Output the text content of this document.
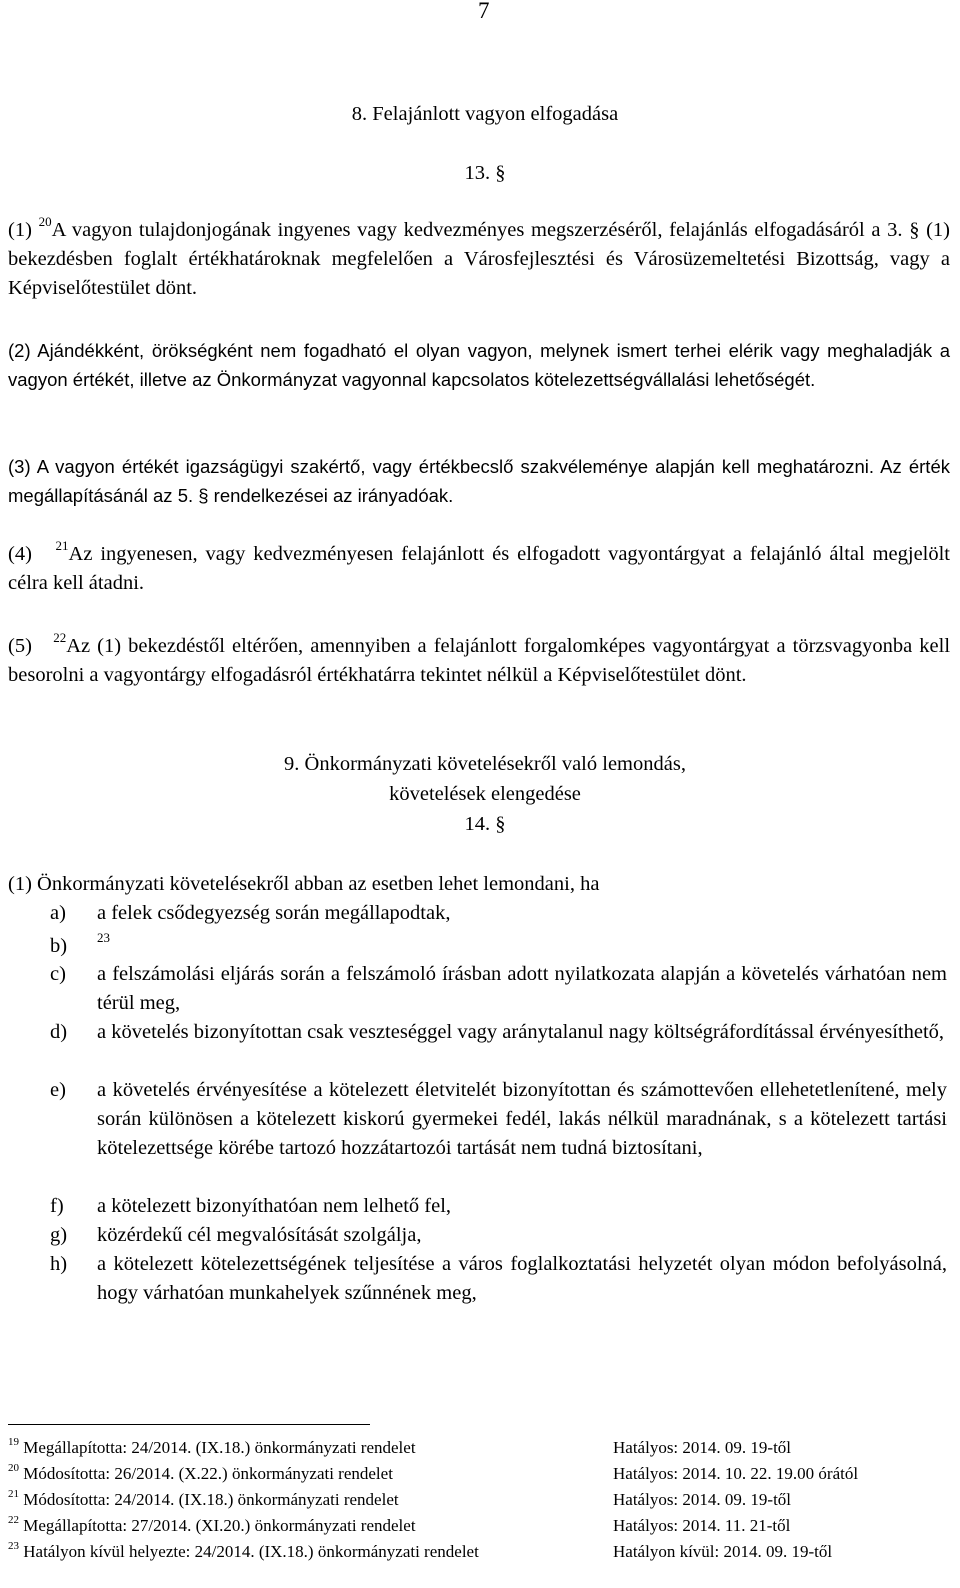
7
8. Felajánlott vagyon elfogadása
13. §
(1) $^{20}$A vagyon tulajdonjogának ingyenes vagy kedvezményes megszerzéséről, felajánlás elfogadásáról a 3. § (1) bekezdésben foglalt értékhatároknak megfelelően a Városfejlesztési és Városüzemeltetési Bizottság, vagy a Képviselőtestület dönt.
(2) Ajándékként, örökségként nem fogadható el olyan vagyon, melynek ismert terhei elérik vagy meghaladják a vagyon értékét, illetve az Önkormányzat vagyonnal kapcsolatos kötelezettségvállalási lehetőségét.
(3) A vagyon értékét igazságügyi szakértő, vagy értékbecslő szakvéleménye alapján kell meghatározni. Az érték megállapításánál az 5. § rendelkezései az irányadóak.
(4) $^{21}$Az ingyenesen, vagy kedvezményesen felajánlott és elfogadott vagyontárgyat a felajánló által megjelölt célra kell átadni.
(5) $^{22}$Az (1) bekezdéstől eltérően, amennyiben a felajánlott forgalomképes vagyontárgyat a törzsvagyonba kell besorolni a vagyontárgy elfogadásról értékhatárra tekintet nélkül a Képviselőtestület dönt.
9. Önkormányzati követelésekről való lemondás,
követelések elengedése
14. §
(1) Önkormányzati követelésekről abban az esetben lehet lemondani, ha
a) a felek csődegyezség során megállapodtak,
b) $^{23}$
c) a felszámolási eljárás során a felszámoló írásban adott nyilatkozata alapján a követelés várhatóan nem térül meg,
d) a követelés bizonyítottan csak veszteséggel vagy aránytalanul nagy költségráfordítással érvényesíthető,
e) a követelés érvényesítése a kötelezett életvitelét bizonyítottan és számottevően ellehetetlenítené, mely során különösen a kötelezett kiskorú gyermekei fedél, lakás nélkül maradnának, s a kötelezett tartási kötelezettsége körébe tartozó hozzátartozói tartását nem tudná biztosítani,
f) a kötelezett bizonyíthatóan nem lelhető fel,
g) közérdekű cél megvalósítását szolgálja,
h) a kötelezett kötelezettségének teljesítése a város foglalkoztatási helyzetét olyan módon befolyásolná, hogy várhatóan munkahelyek szűnnének meg,
$^{19}$ Megállapította: 24/2014. (IX.18.) önkormányzati rendelet	Hatályos: 2014. 09. 19-től
$^{20}$ Módosította: 26/2014. (X.22.) önkormányzati rendelet	Hatályos: 2014. 10. 22. 19.00 órától
$^{21}$ Módosította: 24/2014. (IX.18.) önkormányzati rendelet	Hatályos: 2014. 09. 19-től
$^{22}$ Megállapította: 27/2014. (XI.20.) önkormányzati rendelet	Hatályos: 2014. 11. 21-től
$^{23}$ Hatályon kívül helyezte: 24/2014. (IX.18.) önkormányzati rendelet	Hatályon kívül: 2014. 09. 19-től
